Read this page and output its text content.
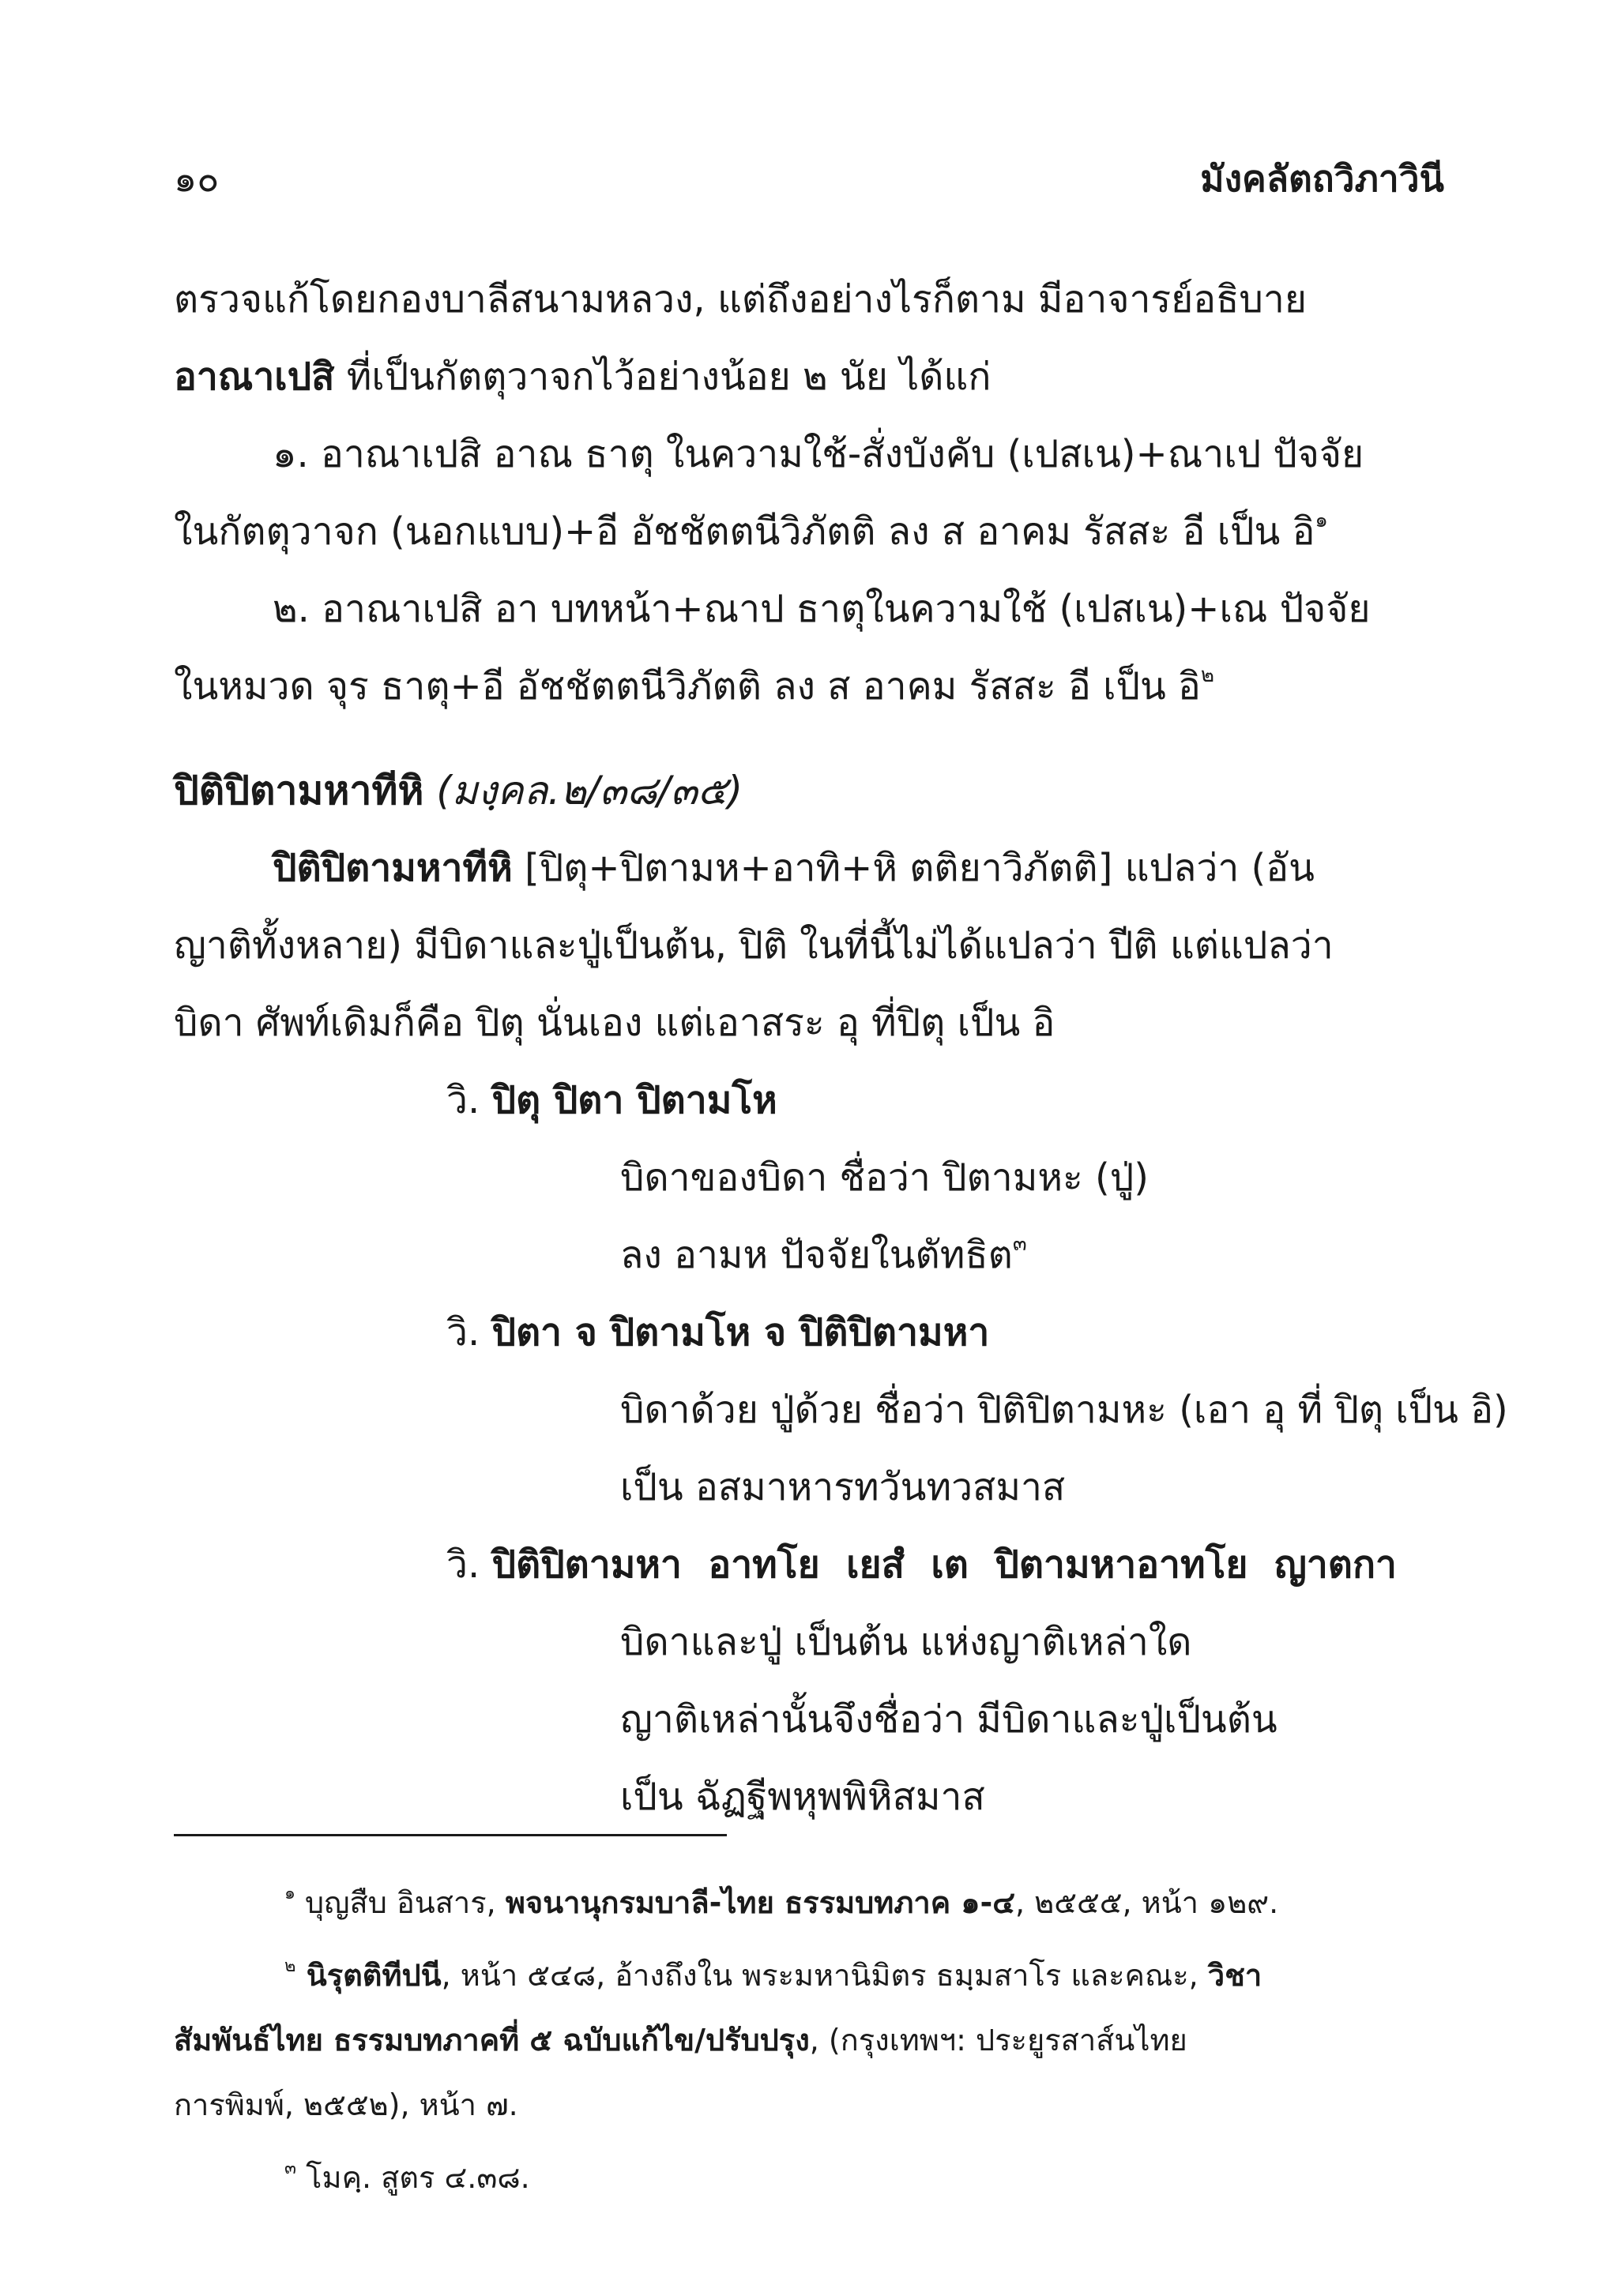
๑๐	มังคลัตถวิภาวินี
ตรวจแก้โดยกองบาลีสนามหลวง, แต่ถึงอย่างไรก็ตาม มีอาจารย์อธิบาย
อาณาเปสิ ที่เป็นกัตตุวาจกไว้อย่างน้อย ๒ นัย ได้แก่
๑. อาณาเปสิ อาณ ธาตุ ในความใช้-สั่งบังคับ (เปสเน)+ณาเป ปัจจัย
ในกัตตุวาจก (นอกแบบ)+อี อัชชัตตนีวิภัตติ ลง ส อาคม รัสสะ อี เป็น อิ$^๑$
๒. อาณาเปสิ อา บทหน้า+ณาป ธาตุในความใช้ (เปสเน)+เณ ปัจจัย
ในหมวด จุร ธาตุ+อี อัชชัตตนีวิภัตติ ลง ส อาคม รัสสะ อี เป็น อิ$^๒$
ปิติปิตามหาทีหิ (มงฺคล.๒/๓๘/๓๕)
ปิติปิตามหาทีหิ [ปิตุ+ปิตามห+อาทิ+หิ ตติยาวิภัตติ] แปลว่า (อัน
ญาติทั้งหลาย) มีบิดาและปู่เป็นต้น, ปิติ ในที่นี้ไม่ได้แปลว่า ปีติ แต่แปลว่า
บิดา ศัพท์เดิมก็คือ ปิตุ นั่นเอง แต่เอาสระ อุ ที่ปิตุ เป็น อิ
วิ. ปิตุ ปิตา ปิตามโห
บิดาของบิดา ชื่อว่า ปิตามหะ (ปู่)
ลง อามห ปัจจัยในตัทธิต$^๓$
วิ. ปิตา จ ปิตามโห จ ปิติปิตามหา
บิดาด้วย ปู่ด้วย ชื่อว่า ปิติปิตามหะ (เอา อุ ที่ ปิตุ เป็น อิ)
เป็น อสมาหารทวันทวสมาส
วิ. ปิติปิตามหา  อาทโย  เยสํ  เต  ปิตามหาอาทโย  ญาตกา
บิดาและปู่ เป็นต้น แห่งญาติเหล่าใด
ญาติเหล่านั้นจึงชื่อว่า มีบิดาและปู่เป็นต้น
เป็น ฉัฏฐีพหุพพิหิสมาส
$^๑$ บุญสืบ อินสาร, พจนานุกรมบาลี-ไทย ธรรมบทภาค ๑-๔, ๒๕๕๕, หน้า ๑๒๙.
$^๒$ นิรุตติทีปนี, หน้า ๕๔๘, อ้างถึงใน พระมหานิมิตร ธมฺมสาโร และคณะ, วิชา
สัมพันธ์ไทย ธรรมบทภาคที่ ๕ ฉบับแก้ไข/ปรับปรุง, (กรุงเทพฯ: ประยูรสาส์นไทย
การพิมพ์, ๒๕๕๒), หน้า ๗.
$^๓$ โมคฺ. สูตร ๔.๓๘.
